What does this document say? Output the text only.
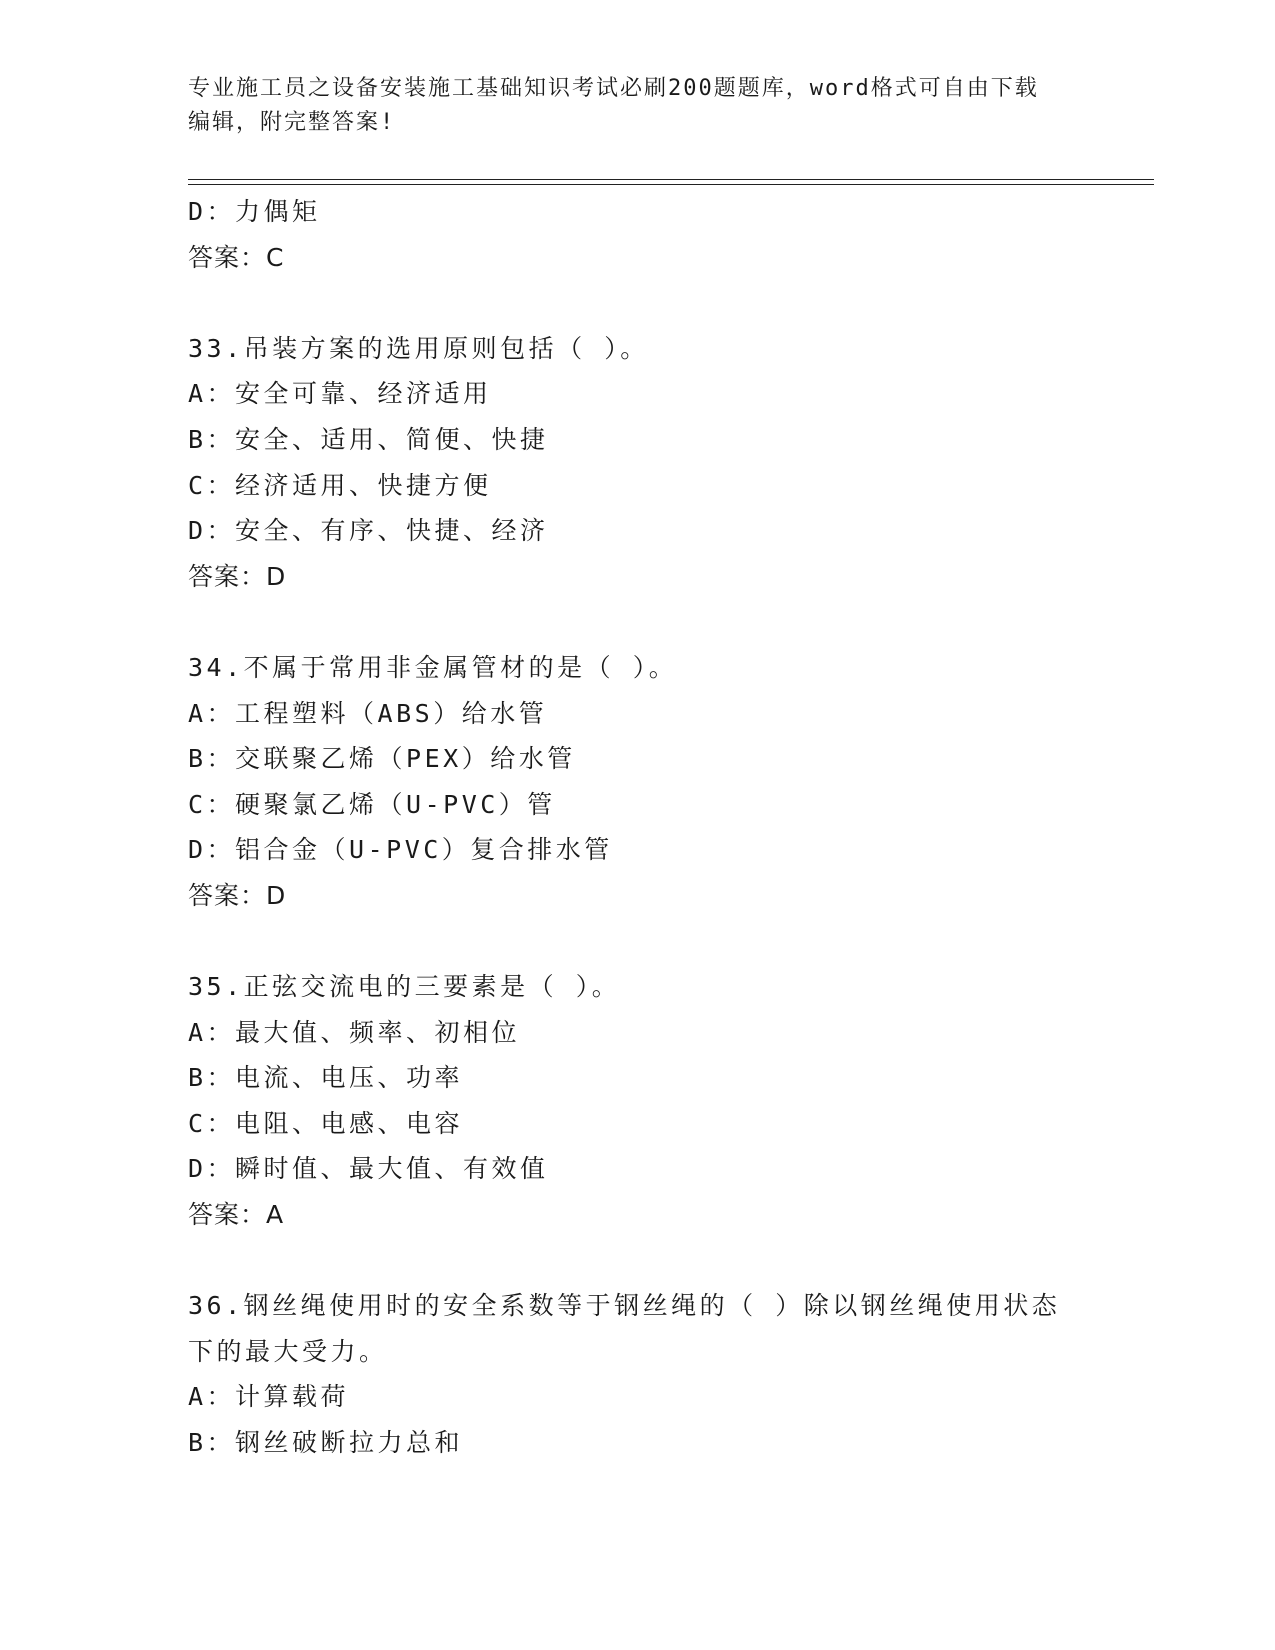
专业施工员之设备安装施工基础知识考试必刷200题题库，word格式可自由下载
编辑，附完整答案!
D：力偶矩
答案：C
33.吊装方案的选用原则包括（ ）。
A：安全可靠、经济适用
B：安全、适用、简便、快捷
C：经济适用、快捷方便
D：安全、有序、快捷、经济
答案：D
34.不属于常用非金属管材的是（ ）。
A：工程塑料（ABS）给水管
B：交联聚乙烯（PEX）给水管
C：硬聚氯乙烯（U-PVC）管
D：铝合金（U-PVC）复合排水管
答案：D
35.正弦交流电的三要素是（ ）。
A：最大值、频率、初相位
B：电流、电压、功率
C：电阻、电感、电容
D：瞬时值、最大值、有效值
答案：A
36.钢丝绳使用时的安全系数等于钢丝绳的（ ）除以钢丝绳使用状态
下的最大受力。
A：计算载荷
B：钢丝破断拉力总和
